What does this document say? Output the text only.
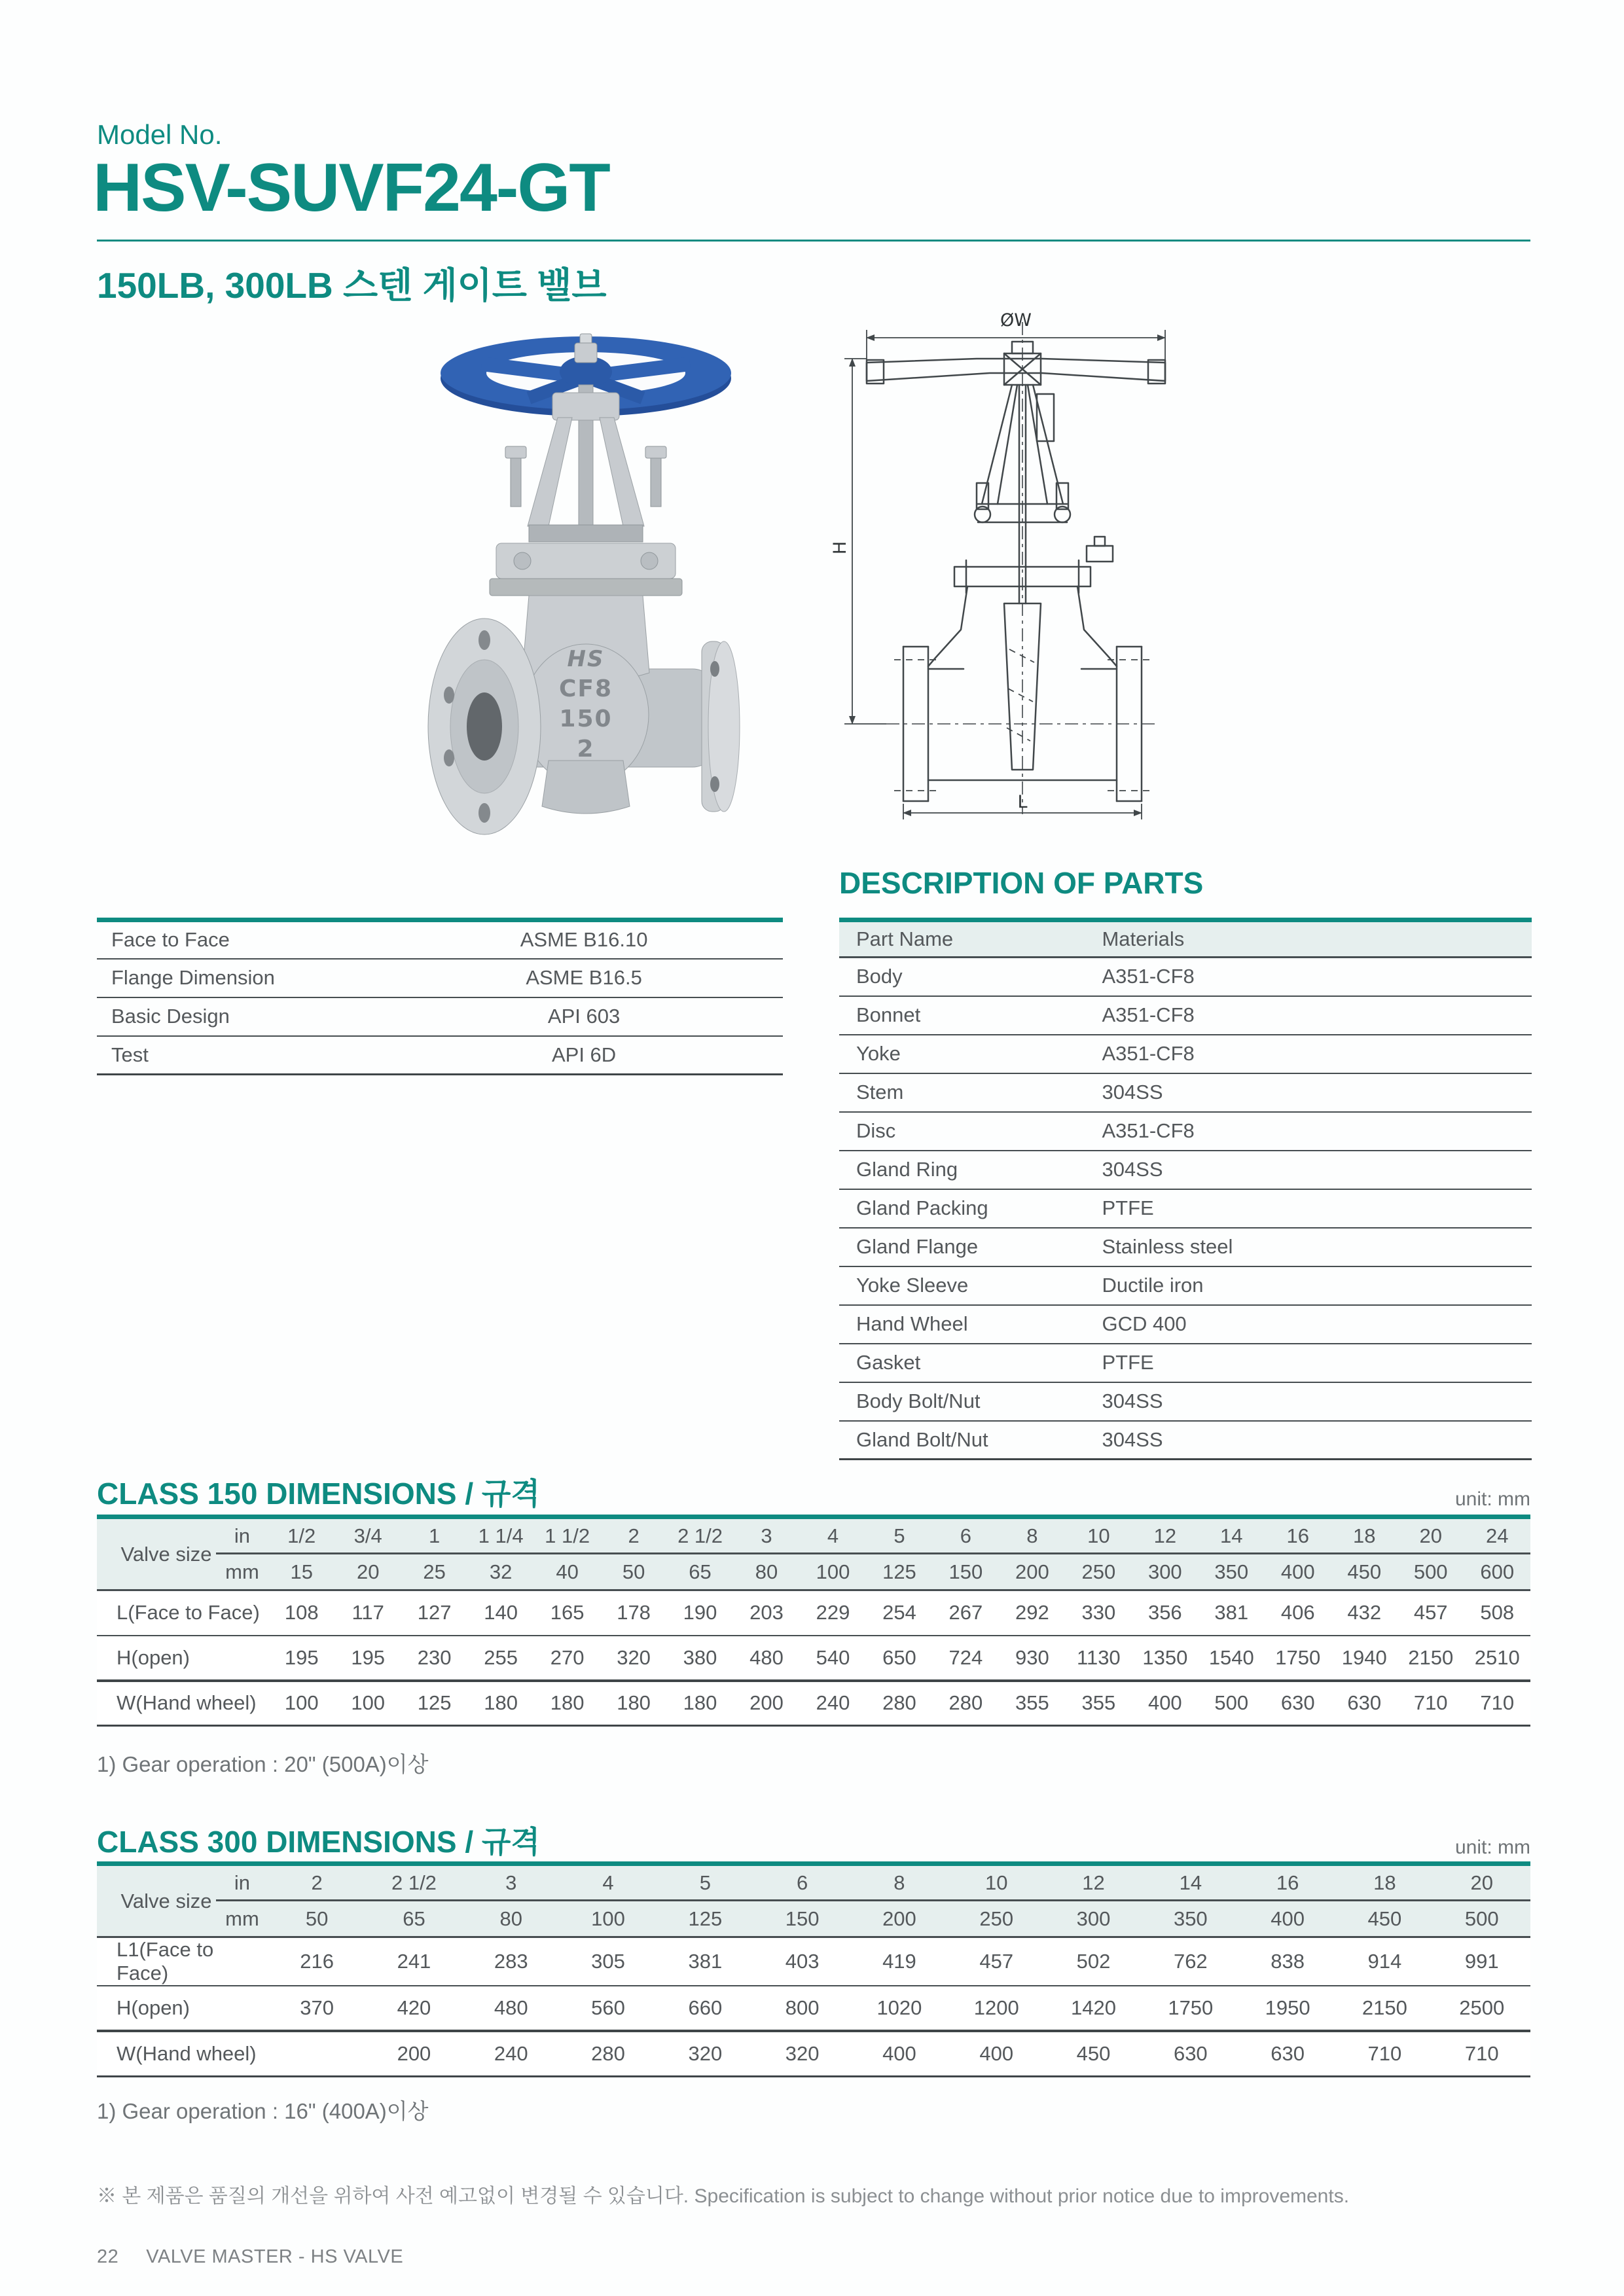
Model No.
HSV-SUVF24-GT
150LB, 300LB 스텐 게이트 밸브
HS
CF8
150
2
ØW
H
L
Face to Face	ASME B16.10
Flange Dimension	ASME B16.5
Basic Design	API 603
Test	API 6D
DESCRIPTION OF PARTS
Part Name	Materials
Body	A351-CF8
Bonnet	A351-CF8
Yoke	A351-CF8
Stem	304SS
Disc	A351-CF8
Gland Ring	304SS
Gland Packing	PTFE
Gland Flange	Stainless steel
Yoke Sleeve	Ductile iron
Hand Wheel	GCD 400
Gasket	PTFE
Body Bolt/Nut	304SS
Gland Bolt/Nut	304SS
CLASS 150 DIMENSIONS / 규격	unit: mm
Valve size	in	1/2	3/4	1	1 1/4	1 1/2	2	2 1/2	3	4	5	6	8	10	12	14	16	18	20	24
	mm	15	20	25	32	40	50	65	80	100	125	150	200	250	300	350	400	450	500	600
L(Face to Face)		108	117	127	140	165	178	190	203	229	254	267	292	330	356	381	406	432	457	508
H(open)		195	195	230	255	270	320	380	480	540	650	724	930	1130	1350	1540	1750	1940	2150	2510
W(Hand wheel)		100	100	125	180	180	180	180	200	240	280	280	355	355	400	500	630	630	710	710
1) Gear operation : 20" (500A)이상
CLASS 300 DIMENSIONS / 규격	unit: mm
Valve size	in	2	2 1/2	3	4	5	6	8	10	12	14	16	18	20
	mm	50	65	80	100	125	150	200	250	300	350	400	450	500
L1(Face to Face)		216	241	283	305	381	403	419	457	502	762	838	914	991
H(open)		370	420	480	560	660	800	1020	1200	1420	1750	1950	2150	2500
W(Hand wheel)			200	240	280	320	320	400	400	450	630	630	710	710
1) Gear operation : 16" (400A)이상
※ 본 제품은 품질의 개선을 위하여 사전 예고없이 변경될 수 있습니다. Specification is subject to change without prior notice due to improvements.
22 VALVE MASTER - HS VALVE
